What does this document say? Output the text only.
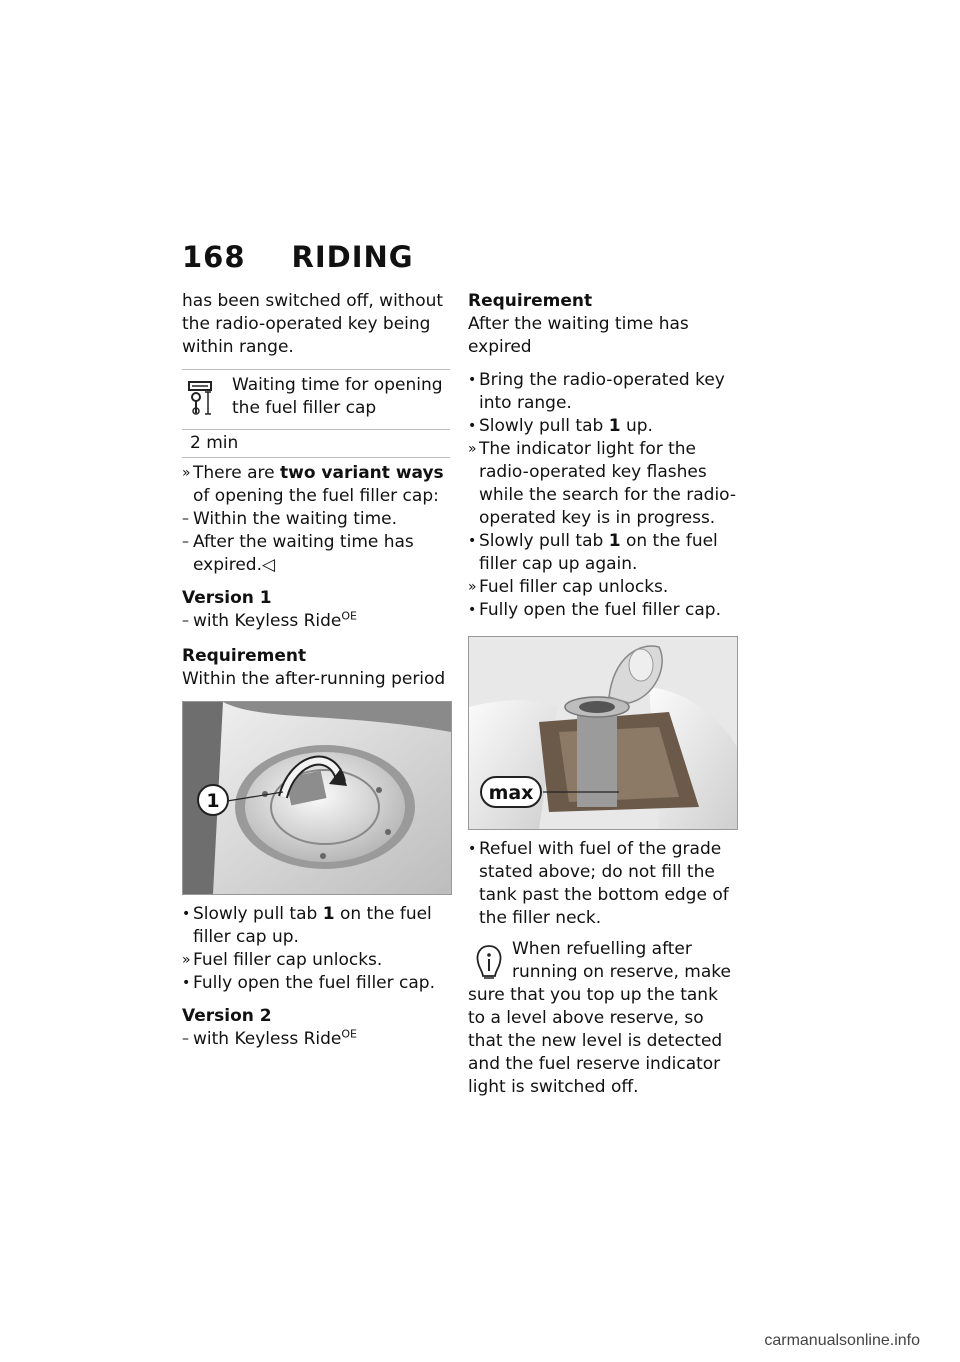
168 RIDING

has been switched off, without the radio-operated key being within range.

Waiting time for opening the fuel filler cap
2 min
» There are two variant ways of opening the fuel filler cap:
– Within the waiting time.
– After the waiting time has expired.◁

Version 1

– with Keyless Ride$^{OE}$

Requirement

Within the after-running period

1
• Slowly pull tab 1 on the fuel filler cap up.
» Fuel filler cap unlocks.
• Fully open the fuel filler cap.

Version 2

– with Keyless Ride$^{OE}$

Requirement

After the waiting time has expired

• Bring the radio-operated key into range.
• Slowly pull tab 1 up.
» The indicator light for the radio-operated key flashes while the search for the radio-operated key is in progress.
• Slowly pull tab 1 on the fuel filler cap up again.
» Fuel filler cap unlocks.
• Fully open the fuel filler cap.
max
• Refuel with fuel of the grade stated above; do not fill the tank past the bottom edge of the filler neck.
When refuelling after running on reserve, make sure that you top up the tank to a level above reserve, so that the new level is detected and the fuel reserve indicator light is switched off.
carmanualsonline.info
